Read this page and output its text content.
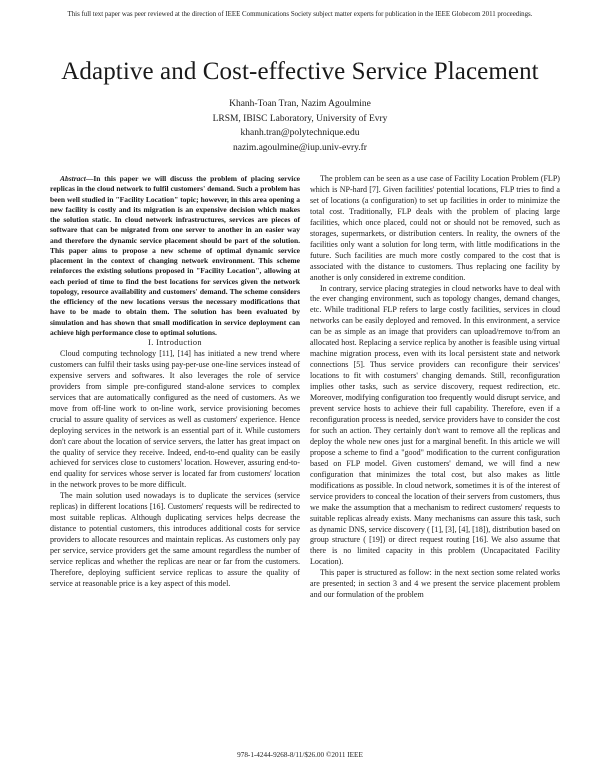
This full text paper was peer reviewed at the direction of IEEE Communications Society subject matter experts for publication in the IEEE Globecom 2011 proceedings.
Adaptive and Cost-effective Service Placement
Khanh-Toan Tran, Nazim Agoulmine
LRSM, IBISC Laboratory, University of Evry
khanh.tran@polytechnique.edu
nazim.agoulmine@iup.univ-evry.fr

Abstract—In this paper we will discuss the problem of placing service replicas in the cloud network to fulfil customers' demand. Such a problem has been well studied in "Facility Location" topic; however, in this area opening a new facility is costly and its migration is an expensive decision which makes the solution static. In cloud network infrastructures, services are pieces of software that can be migrated from one server to another in an easier way and therefore the dynamic service placement should be part of the solution. This paper aims to propose a new scheme of optimal dynamic service placement in the context of changing network environment. This scheme reinforces the existing solutions proposed in "Facility Location", allowing at each period of time to find the best locations for services given the network topology, resource availability and customers' demand. The scheme considers the efficiency of the new locations versus the necessary modifications that have to be made to obtain them. The solution has been evaluated by simulation and has shown that small modification in service deployment can achieve high performance close to optimal solutions.

I. Introduction

Cloud computing technology [11], [14] has initiated a new trend where customers can fulfil their tasks using pay-per-use one-line services instead of expensive servers and softwares. It also leverages the role of service providers from simple pre-configured stand-alone services to complex services that are automatically configured as the need of customers. As we move from off-line work to on-line work, service provisioning becomes crucial to assure quality of services as well as customers' experience. Hence deploying services in the network is an essential part of it. While customers don't care about the location of service servers, the latter has great impact on the quality of service they receive. Indeed, end-to-end quality can be easily achieved for services close to customers' location. However, assuring end-to-end quality for services whose server is located far from customers' location in the network proves to be more difficult.

The main solution used nowadays is to duplicate the services (service replicas) in different locations [16]. Customers' requests will be redirected to most suitable replicas. Although duplicating services helps decrease the distance to potential customers, this introduces additional costs for service providers to allocate resources and maintain replicas. As customers only pay per service, service providers get the same amount regardless the number of service replicas and whether the replicas are near or far from the customers. Therefore, deploying sufficient service replicas to assure the quality of service at reasonable price is a key aspect of this model.

The problem can be seen as a use case of Facility Location Problem (FLP) which is NP-hard [7]. Given facilities' potential locations, FLP tries to find a set of locations (a configuration) to set up facilities in order to minimize the total cost. Traditionally, FLP deals with the problem of placing large facilities, which once placed, could not or should not be removed, such as storages, supermarkets, or distribution centers. In reality, the owners of the facilities only want a solution for long term, with little modifications in the future. Such facilities are much more costly compared to the cost that is associated with the distance to customers. Thus replacing one facility by another is only considered in extreme condition.

In contrary, service placing strategies in cloud networks have to deal with the ever changing environment, such as topology changes, demand changes, etc. While traditional FLP refers to large costly facilities, services in cloud networks can be easily deployed and removed. In this environment, a service can be as simple as an image that providers can upload/remove to/from an allocated host. Replacing a service replica by another is feasible using virtual machine migration process, even with its local persistent state and network connections [5]. Thus service providers can reconfigure their services' locations to fit with costumers' changing demands. Still, reconfiguration implies other tasks, such as service discovery, request redirection, etc. Moreover, modifying configuration too frequently would disrupt service, and prevent service hosts to achieve their full capability. Therefore, even if a reconfiguration process is needed, service providers have to consider the cost for such an action. They certainly don't want to remove all the replicas and deploy the whole new ones just for a marginal benefit. In this article we will propose a scheme to find a "good" modification to the current configuration based on FLP model. Given customers' demand, we will find a new configuration that minimizes the total cost, but also makes as little modifications as possible. In cloud network, sometimes it is of the interest of service providers to conceal the location of their servers from customers, thus we make the assumption that a mechanism to redirect customers' requests to suitable replicas already exists. Many mechanisms can assure this task, such as dynamic DNS, service discovery ( [1], [3], [4], [18]), distribution based on group structure ( [19]) or direct request routing [16]. We also assume that there is no limited capacity in this problem (Uncapacitated Facility Location).

This paper is structured as follow: in the next section some related works are presented; in section 3 and 4 we present the service placement problem and our formulation of the problem

978-1-4244-9268-8/11/$26.00 ©2011 IEEE
